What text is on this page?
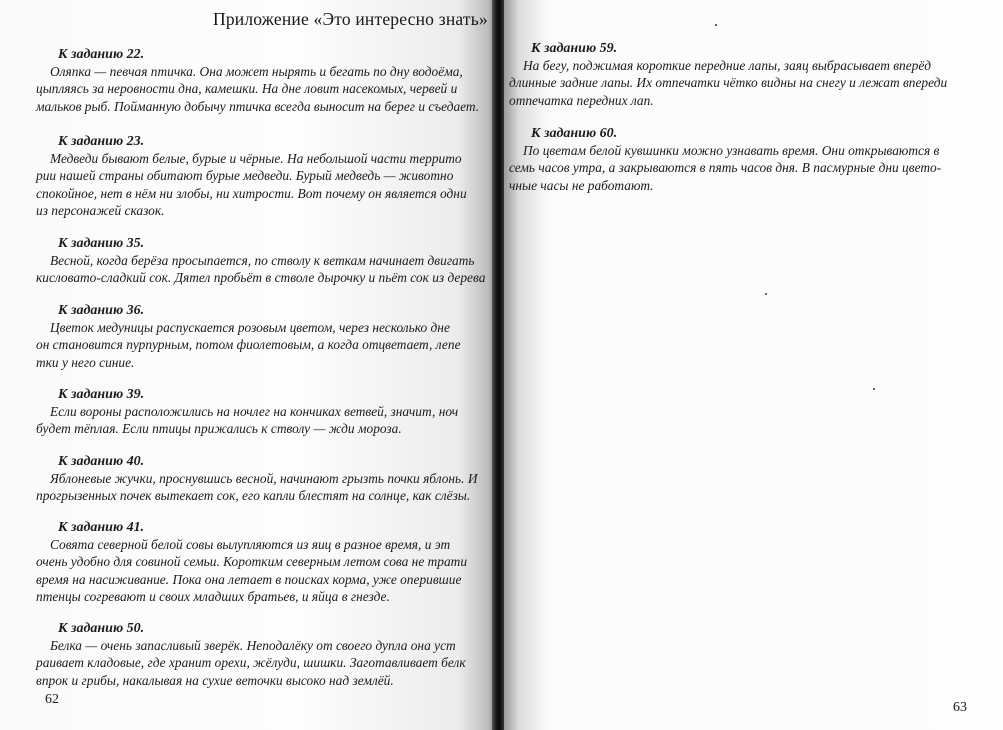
Приложение «Это интересно знать»
К заданию 22.
Оляпка — певчая птичка. Она может нырять и бегать по дну водоёма,
цыпляясь за неровности дна, камешки. На дне ловит насекомых, червей и
мальков рыб. Пойманную добычу птичка всегда выносит на берег и съедает.
К заданию 23.
Медведи бывают белые, бурые и чёрные. На небольшой части террито
рии нашей страны обитают бурые медведи. Бурый медведь — животно
спокойное, нет в нём ни злобы, ни хитрости. Вот почему он является одни
из персонажей сказок.
К заданию 35.
Весной, когда берёза просыпается, по стволу к веткам начинает двигать
кисловато-сладкий сок. Дятел пробьёт в стволе дырочку и пьёт сок из дерева
К заданию 36.
Цветок медуницы распускается розовым цветом, через несколько дне
он становится пурпурным, потом фиолетовым, а когда отцветает, лепе
тки у него синие.
К заданию 39.
Если вороны расположились на ночлег на кончиках ветвей, значит, ноч
будет тёплая. Если птицы прижались к стволу — жди мороза.
К заданию 40.
Яблоневые жучки, проснувшись весной, начинают грызть почки яблонь. И
прогрызенных почек вытекает сок, его капли блестят на солнце, как слёзы.
К заданию 41.
Совята северной белой совы вылупляются из яиц в разное время, и эт
очень удобно для совиной семьи. Коротким северным летом сова не трати
время на насиживание. Пока она летает в поисках корма, уже оперившие
птенцы согревают и своих младших братьев, и яйца в гнезде.
К заданию 50.
Белка — очень запасливый зверёк. Неподалёку от своего дупла она уст
раивает кладовые, где хранит орехи, жёлуди, шишки. Заготавливает белк
впрок и грибы, накалывая на сухие веточки высоко над землёй.
62
К заданию 59.
На бегу, поджимая короткие передние лапы, заяц выбрасывает вперёд
длинные задние лапы. Их отпечатки чётко видны на снегу и лежат впереди
отпечатка передних лап.
К заданию 60.
По цветам белой кувшинки можно узнавать время. Они открываются в
семь часов утра, а закрываются в пять часов дня. В пасмурные дни цвето-
чные часы не работают.
63
